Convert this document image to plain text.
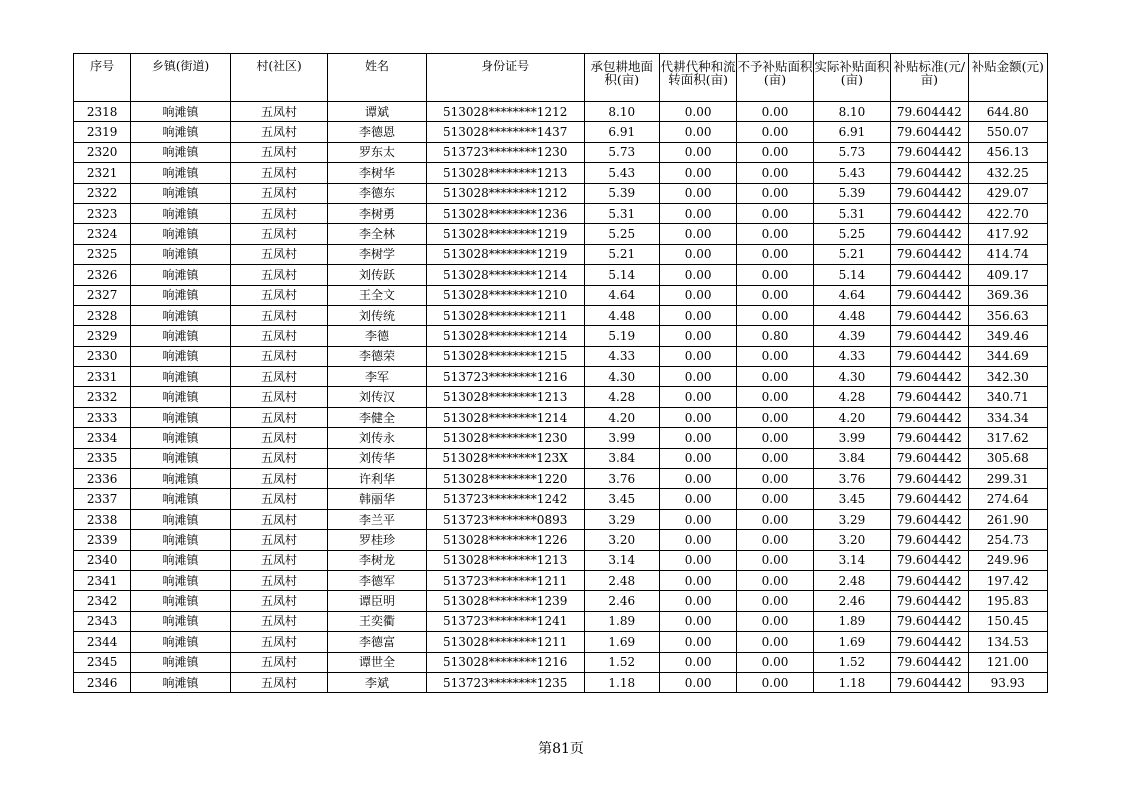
序号	乡镇(街道)	村(社区)	姓名	身份证号	承包耕地面积(亩)	代耕代种和流转面积(亩)	不予补贴面积(亩)	实际补贴面积(亩)	补贴标准(元/亩)	补贴金额(元)
2318	响滩镇	五凤村	谭斌	513028********1212	8.10	0.00	0.00	8.10	79.604442	644.80
2319	响滩镇	五凤村	李德恩	513028********1437	6.91	0.00	0.00	6.91	79.604442	550.07
2320	响滩镇	五凤村	罗东太	513723********1230	5.73	0.00	0.00	5.73	79.604442	456.13
2321	响滩镇	五凤村	李树华	513028********1213	5.43	0.00	0.00	5.43	79.604442	432.25
2322	响滩镇	五凤村	李德东	513028********1212	5.39	0.00	0.00	5.39	79.604442	429.07
2323	响滩镇	五凤村	李树勇	513028********1236	5.31	0.00	0.00	5.31	79.604442	422.70
2324	响滩镇	五凤村	李全林	513028********1219	5.25	0.00	0.00	5.25	79.604442	417.92
2325	响滩镇	五凤村	李树学	513028********1219	5.21	0.00	0.00	5.21	79.604442	414.74
2326	响滩镇	五凤村	刘传跃	513028********1214	5.14	0.00	0.00	5.14	79.604442	409.17
2327	响滩镇	五凤村	王全文	513028********1210	4.64	0.00	0.00	4.64	79.604442	369.36
2328	响滩镇	五凤村	刘传统	513028********1211	4.48	0.00	0.00	4.48	79.604442	356.63
2329	响滩镇	五凤村	李德	513028********1214	5.19	0.00	0.80	4.39	79.604442	349.46
2330	响滩镇	五凤村	李德荣	513028********1215	4.33	0.00	0.00	4.33	79.604442	344.69
2331	响滩镇	五凤村	李军	513723********1216	4.30	0.00	0.00	4.30	79.604442	342.30
2332	响滩镇	五凤村	刘传汉	513028********1213	4.28	0.00	0.00	4.28	79.604442	340.71
2333	响滩镇	五凤村	李健全	513028********1214	4.20	0.00	0.00	4.20	79.604442	334.34
2334	响滩镇	五凤村	刘传永	513028********1230	3.99	0.00	0.00	3.99	79.604442	317.62
2335	响滩镇	五凤村	刘传华	513028********123X	3.84	0.00	0.00	3.84	79.604442	305.68
2336	响滩镇	五凤村	许利华	513028********1220	3.76	0.00	0.00	3.76	79.604442	299.31
2337	响滩镇	五凤村	韩丽华	513723********1242	3.45	0.00	0.00	3.45	79.604442	274.64
2338	响滩镇	五凤村	李兰平	513723********0893	3.29	0.00	0.00	3.29	79.604442	261.90
2339	响滩镇	五凤村	罗桂珍	513028********1226	3.20	0.00	0.00	3.20	79.604442	254.73
2340	响滩镇	五凤村	李树龙	513028********1213	3.14	0.00	0.00	3.14	79.604442	249.96
2341	响滩镇	五凤村	李德军	513723********1211	2.48	0.00	0.00	2.48	79.604442	197.42
2342	响滩镇	五凤村	谭臣明	513028********1239	2.46	0.00	0.00	2.46	79.604442	195.83
2343	响滩镇	五凤村	王奕衢	513723********1241	1.89	0.00	0.00	1.89	79.604442	150.45
2344	响滩镇	五凤村	李德富	513028********1211	1.69	0.00	0.00	1.69	79.604442	134.53
2345	响滩镇	五凤村	谭世全	513028********1216	1.52	0.00	0.00	1.52	79.604442	121.00
2346	响滩镇	五凤村	李斌	513723********1235	1.18	0.00	0.00	1.18	79.604442	93.93
第81页
